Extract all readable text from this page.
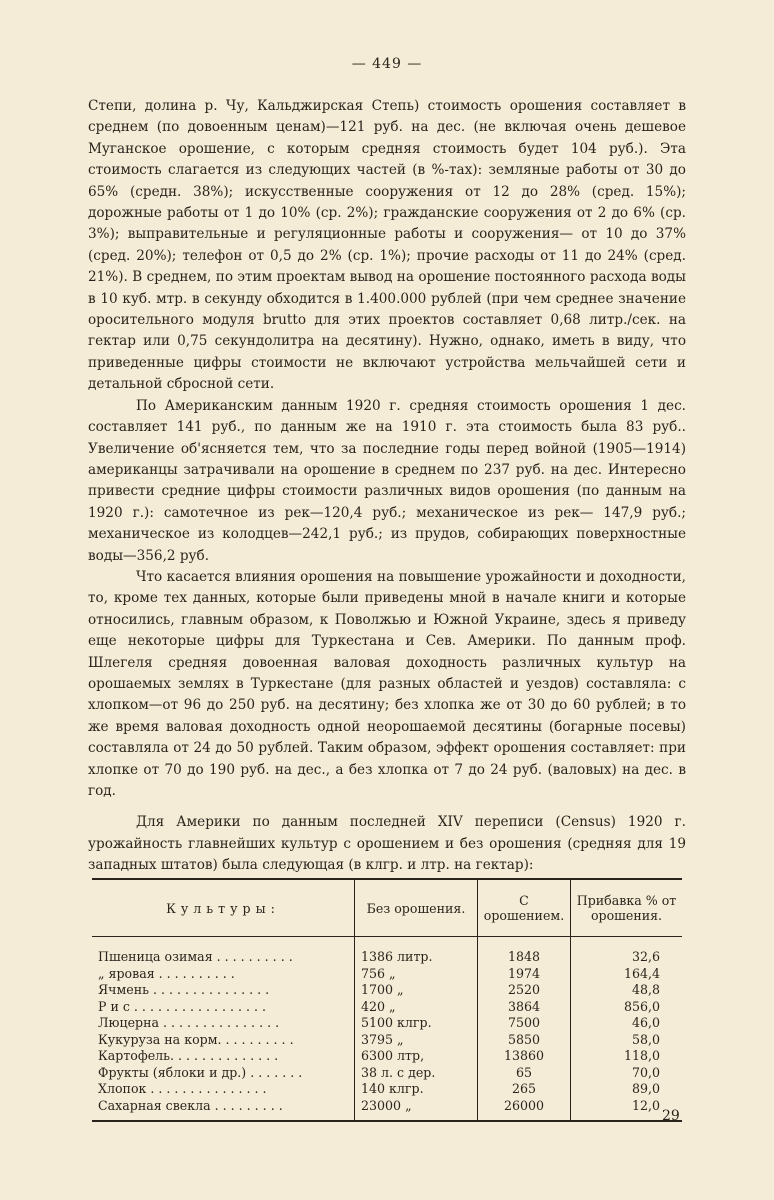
— 449 —

Степи, долина р. Чу, Кальджирская Степь) стоимость орошения составляет в среднем (по довоенным ценам)—121 руб. на дес. (не включая очень дешевое Муганское орошение, с которым средняя стоимость будет 104 руб.). Эта стоимость слагается из следующих частей (в %-тах): земляные работы от 30 до 65% (средн. 38%); искусственные сооружения от 12 до 28% (сред. 15%); дорожные работы от 1 до 10% (ср. 2%); гражданские сооружения от 2 до 6% (ср. 3%); выправительные и регуляционные работы и сооружения— от 10 до 37% (сред. 20%); телефон от 0,5 до 2% (ср. 1%); прочие расходы от 11 до 24% (сред. 21%). В среднем, по этим проектам вывод на орошение постоянного расхода воды в 10 куб. мтр. в секунду обходится в 1.400.000 рублей (при чем среднее значение оросительного модуля brutto для этих проектов составляет 0,68 литр./сек. на гектар или 0,75 секундолитра на десятину). Нужно, однако, иметь в виду, что приведенные цифры стоимости не включают устройства мельчайшей сети и детальной сбросной сети.

По Американским данным 1920 г. средняя стоимость орошения 1 дес. составляет 141 руб., по данным же на 1910 г. эта стоимость была 83 руб.. Увеличение об'ясняется тем, что за последние годы перед войной (1905—1914) американцы затрачивали на орошение в среднем по 237 руб. на дес. Интересно привести средние цифры стоимости различных видов орошения (по данным на 1920 г.): самотечное из рек—120,4 руб.; механическое из рек— 147,9 руб.; механическое из колодцев—242,1 руб.; из прудов, собирающих поверхностные воды—356,2 руб.

Что касается влияния орошения на повышение урожайности и доходности, то, кроме тех данных, которые были приведены мной в начале книги и которые относились, главным образом, к Поволжью и Южной Украине, здесь я приведу еще некоторые цифры для Туркестана и Сев. Америки. По данным проф. Шлегеля средняя довоенная валовая доходность различных культур на орошаемых землях в Туркестане (для разных областей и уездов) составляла: с хлопком—от 96 до 250 руб. на десятину; без хлопка же от 30 до 60 рублей; в то же время валовая доходность одной неорошаемой десятины (богарные посевы) составляла от 24 до 50 рублей. Таким образом, эффект орошения составляет: при хлопке от 70 до 190 руб. на дес., а без хлопка от 7 до 24 руб. (валовых) на дес. в год.

Для Америки по данным последней XIV переписи (Census) 1920 г. урожайность главнейших культур с орошением и без орошения (средняя для 19 западных штатов) была следующая (в клгр. и лтр. на гектар):

Культуры:	Без орошения.	С орошением.	Прибавка % от орошения.
Пшеница озимая . . . . . . . . . .	1386 литр.	1848	32,6
„ яровая . . . . . . . . . .	756 „	1974	164,4
Ячмень . . . . . . . . . . . . . . .	1700 „	2520	48,8
Р и с . . . . . . . . . . . . . . . . .	420 „	3864	856,0
Люцерна . . . . . . . . . . . . . . .	5100 клгр.	7500	46,0
Кукуруза на корм. . . . . . . . . .	3795 „	5850	58,0
Картофель. . . . . . . . . . . . . .	6300 лтр,	13860	118,0
Фрукты (яблоки и др.) . . . . . . .	38 л. с дер.	65	70,0
Хлопок . . . . . . . . . . . . . . .	140 клгр.	265	89,0
Сахарная свекла . . . . . . . . .	23000 „	26000	12,0
29
